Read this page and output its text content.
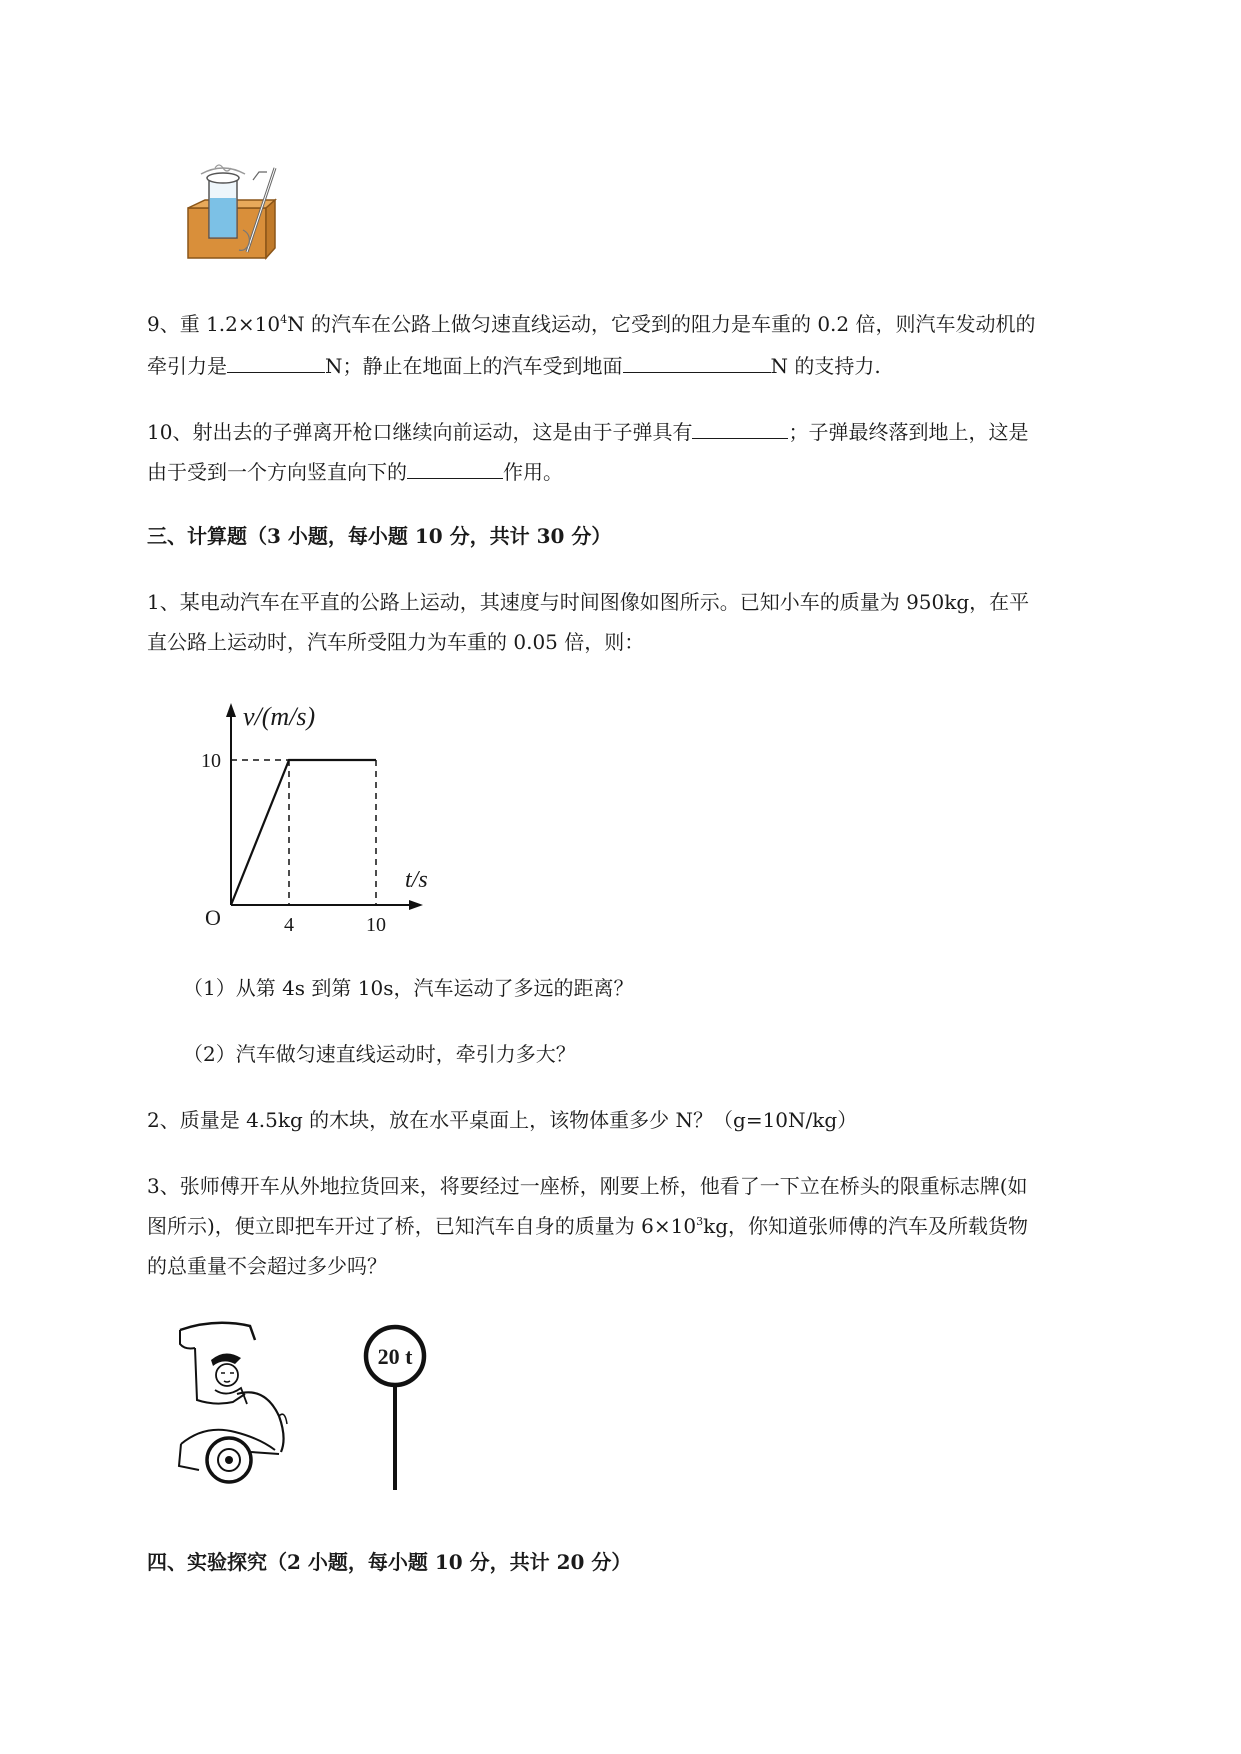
9、重 $1.2\times 10^4N$ 的汽车在公路上做匀速直线运动，它受到的阻力是车重的 0.2 倍，则汽车发动机的
牵引力是	N；静止在地面上的汽车受到地面	N 的支持力.
10、射出去的子弹离开枪口继续向前运动，这是由于子弹具有	；子弹最终落到地上，这是
由于受到一个方向竖直向下的	作用。
三、计算题（3 小题，每小题 10 分，共计 30 分）
1、某电动汽车在平直的公路上运动，其速度与时间图像如图所示。已知小车的质量为 950kg，在平
直公路上运动时，汽车所受阻力为车重的 0.05 倍，则：
v/(m/s)
t/s
O
10
4	10
（1）从第 4s 到第 10s，汽车运动了多远的距离？
（2）汽车做匀速直线运动时，牵引力多大？
2、质量是 4.5kg 的木块，放在水平桌面上，该物体重多少 N？（g=10N/kg）
3、张师傅开车从外地拉货回来，将要经过一座桥，刚要上桥，他看了一下立在桥头的限重标志牌(如
图所示)，便立即把车开过了桥，已知汽车自身的质量为 $6\times 10^3kg$，你知道张师傅的汽车及所载货物
的总重量不会超过多少吗？
20 t
四、实验探究（2 小题，每小题 10 分，共计 20 分）
